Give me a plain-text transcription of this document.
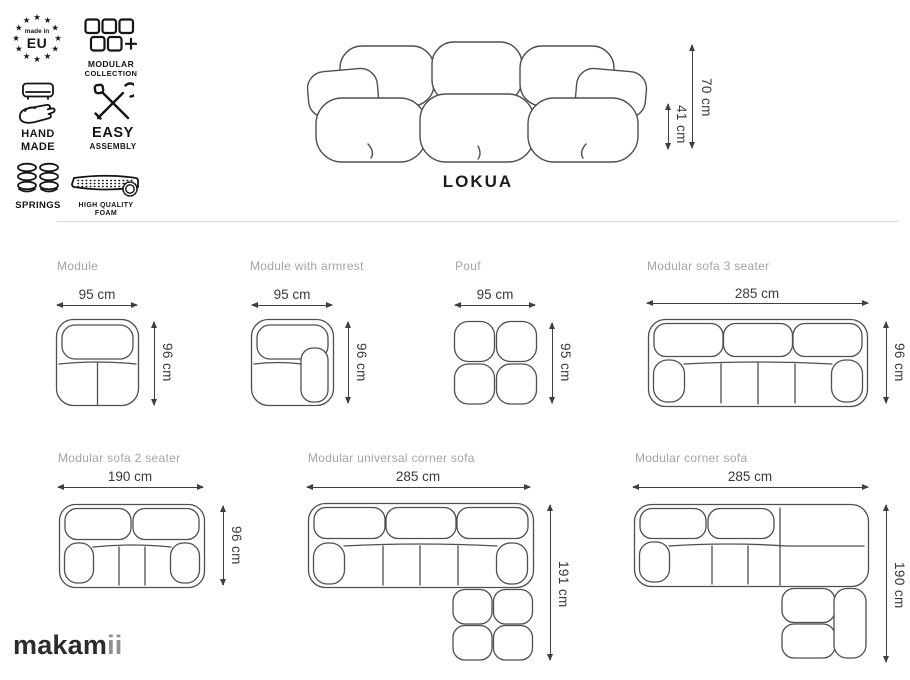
★ ★
★
★
★
★
★
★
★
★
★
★
made in
EU
MODULAR
COLLECTION
HAND
MADE
EASY
ASSEMBLY
SPRINGS	HIGH QUALITY
FOAM
LOKUA
70 cm
41 cm
Module
95 cm
96 cm
Module with armrest
95 cm
96 cm
Pouf
95 cm
95 cm
Modular sofa 3 seater
285 cm
96 cm
Modular sofa 2 seater
190 cm
96 cm
Modular universal corner sofa
285 cm
191 cm
Modular corner sofa
285 cm
190 cm
makamii
